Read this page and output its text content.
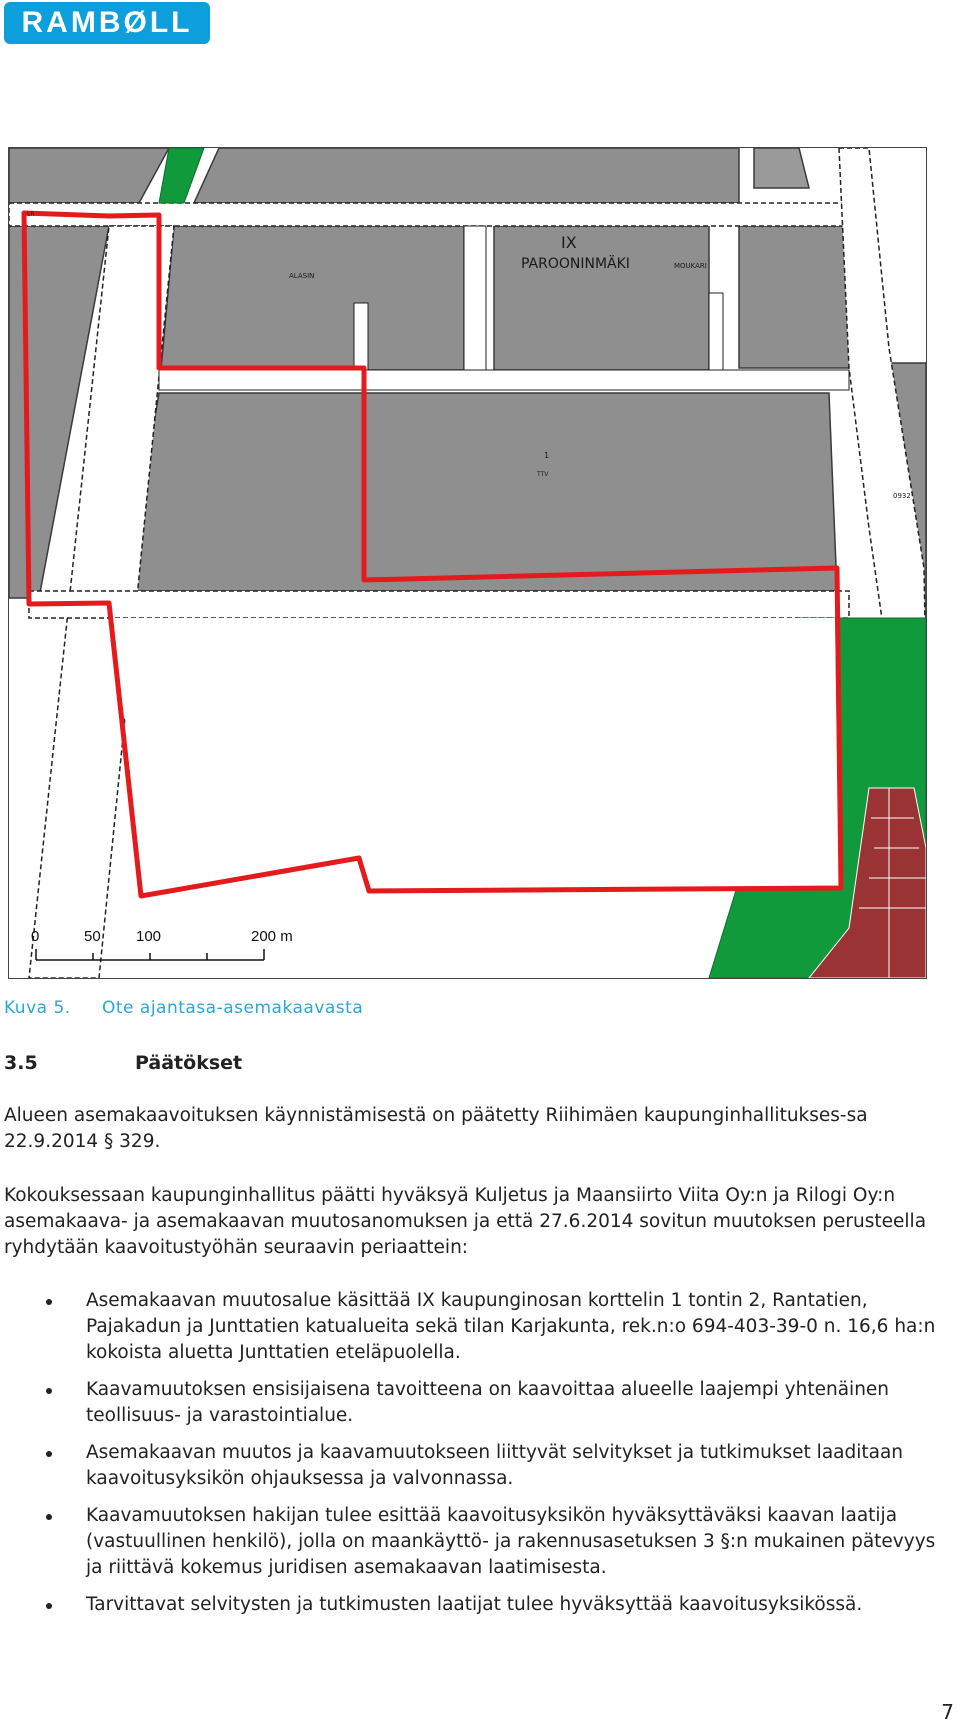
RAMBØLL
IX
PAROONINMÄKI
ALASIN
MOUKARI
1
TTV
0932
LR
0	50 100	200 m
Kuva 5. Ote ajantasa-asemakaavasta
3.5	Päätökset
Alueen asemakaavoituksen käynnistämisestä on päätetty Riihimäen kaupunginhallitukses-sa 22.9.2014 § 329.
Kokouksessaan kaupunginhallitus päätti hyväksyä Kuljetus ja Maansiirto Viita Oy:n ja Rilogi Oy:n asemakaava- ja asemakaavan muutosanomuksen ja että 27.6.2014 sovitun muutoksen perusteella ryhdytään kaavoitustyöhän seuraavin periaattein:
Asemakaavan muutosalue käsittää IX kaupunginosan korttelin 1 tontin 2, Rantatien, Pajakadun ja Junttatien katualueita sekä tilan Karjakunta, rek.n:o 694-403-39-0 n. 16,6 ha:n kokoista aluetta Junttatien eteläpuolella.
Kaavamuutoksen ensisijaisena tavoitteena on kaavoittaa alueelle laajempi yhtenäinen teollisuus- ja varastointialue.
Asemakaavan muutos ja kaavamuutokseen liittyvät selvitykset ja tutkimukset laaditaan kaavoitusyksikön ohjauksessa ja valvonnassa.
Kaavamuutoksen hakijan tulee esittää kaavoitusyksikön hyväksyttäväksi kaavan laatija (vastuullinen henkilö), jolla on maankäyttö- ja rakennusasetuksen 3 §:n mukainen pätevyys ja riittävä kokemus juridisen asemakaavan laatimisesta.
Tarvittavat selvitysten ja tutkimusten laatijat tulee hyväksyttää kaavoitusyksikössä.
7
